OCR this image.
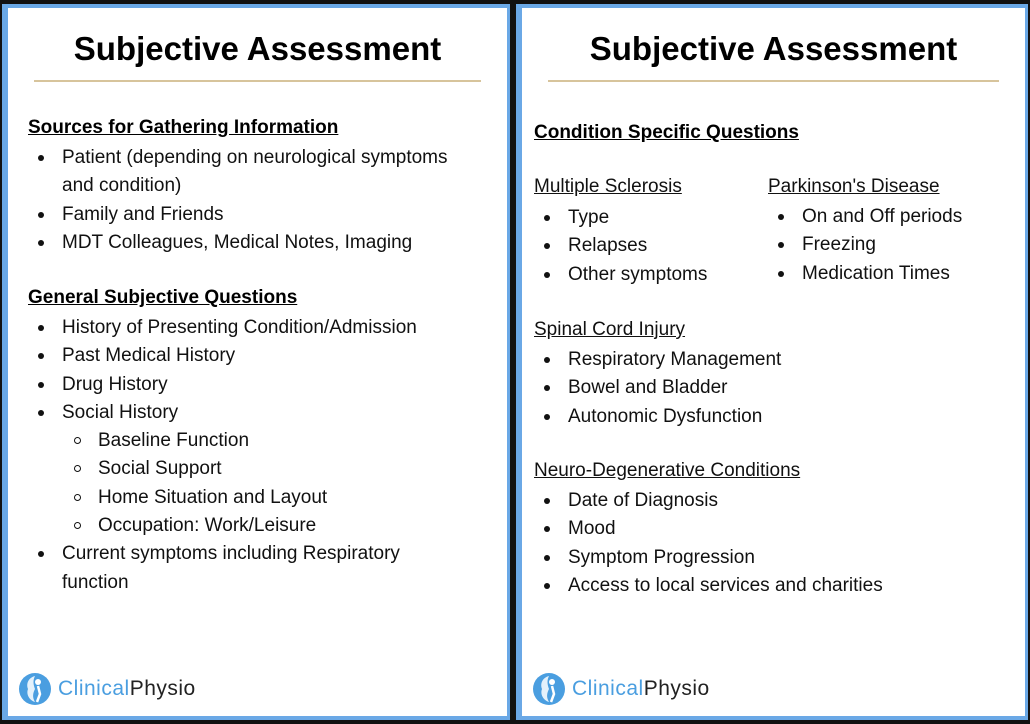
Subjective Assessment
Sources for Gathering Information
Patient (depending on neurological symptoms and condition)
Family and Friends
MDT Colleagues, Medical Notes, Imaging
General Subjective Questions
History of Presenting Condition/Admission
Past Medical History
Drug History
Social History
Baseline Function
Social Support
Home Situation and Layout
Occupation: Work/Leisure
Current symptoms including Respiratory function
ClinicalPhysio
Subjective Assessment
Condition Specific Questions
Multiple Sclerosis
Type
Relapses
Other symptoms
Parkinson's Disease
On and Off periods
Freezing
Medication Times
Spinal Cord Injury
Respiratory Management
Bowel and Bladder
Autonomic Dysfunction
Neuro-Degenerative Conditions
Date of Diagnosis
Mood
Symptom Progression
Access to local services and charities
ClinicalPhysio
